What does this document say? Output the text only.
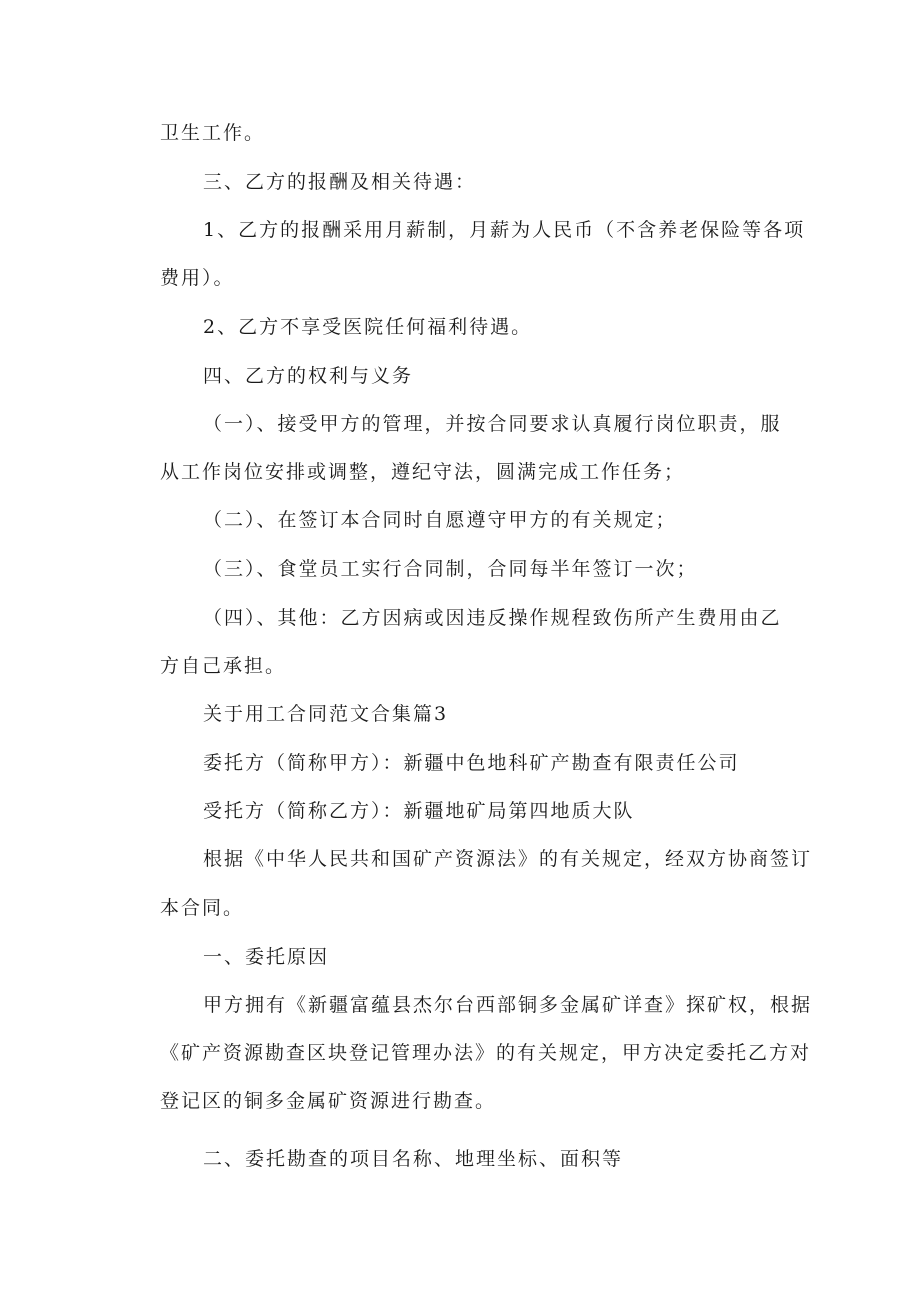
卫生工作。
三、乙方的报酬及相关待遇：
1、乙方的报酬采用月薪制，月薪为人民币（不含养老保险等各项
费用）。
2、乙方不享受医院任何福利待遇。
四、乙方的权利与义务
（一）、接受甲方的管理，并按合同要求认真履行岗位职责，服
从工作岗位安排或调整，遵纪守法，圆满完成工作任务；
（二）、在签订本合同时自愿遵守甲方的有关规定；
（三）、食堂员工实行合同制，合同每半年签订一次；
（四）、其他：乙方因病或因违反操作规程致伤所产生费用由乙
方自己承担。
关于用工合同范文合集篇3
委托方（简称甲方）：新疆中色地科矿产勘查有限责任公司
受托方（简称乙方）：新疆地矿局第四地质大队
根据《中华人民共和国矿产资源法》的有关规定，经双方协商签订
本合同。
一、委托原因
甲方拥有《新疆富蕴县杰尔台西部铜多金属矿详查》探矿权，根据
《矿产资源勘查区块登记管理办法》的有关规定，甲方决定委托乙方对
登记区的铜多金属矿资源进行勘查。
二、委托勘查的项目名称、地理坐标、面积等
